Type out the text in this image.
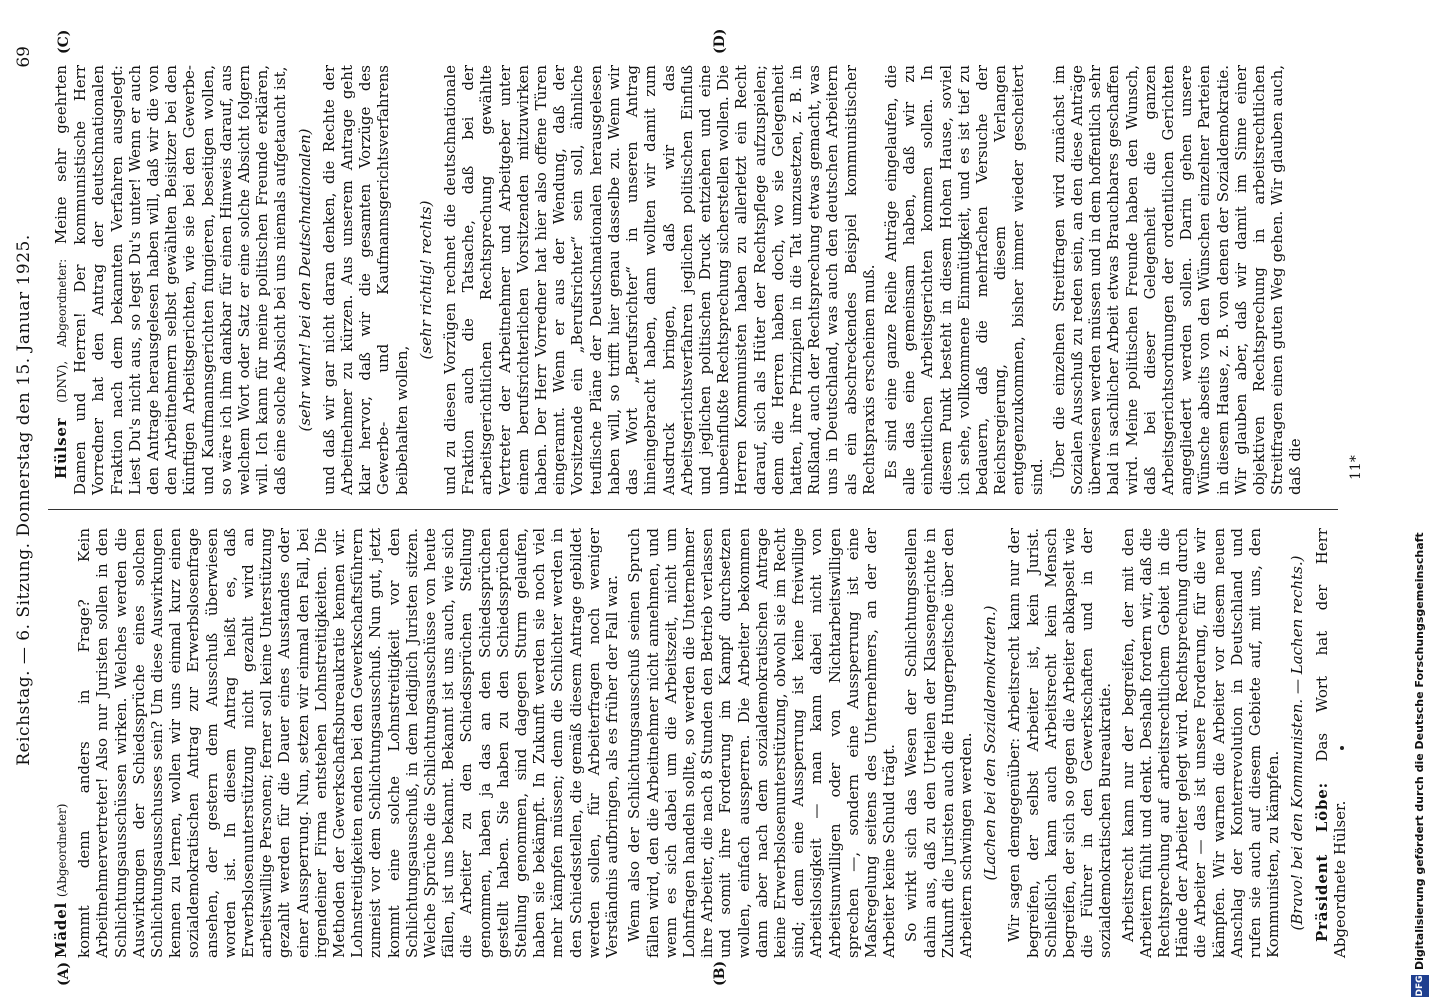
Reichstag. — 6. Sitzung. Donnerstag den 15. Januar 1925.
69
(A)	(B)
(C)	(D)

Mädel (Abgeordneter) kommt denn anders in Frage? Kein Arbeitnehmervertreter! Also nur Juristen sollen in den Schlichtungsausschüssen wirken. Welches werden die Auswirkungen der Schiedssprüche eines solchen Schlichtungsausschusses sein? Um diese Auswirkungen kennen zu lernen, wollen wir uns einmal kurz einen sozialdemokratischen Antrag zur Erwerbslosenfrage ansehen, der gestern dem Ausschuß überwiesen worden ist. In diesem Antrag heißt es, daß Erwerbslosenunterstützung nicht gezahlt wird an arbeitswillige Personen; ferner soll keine Unterstützung gezahlt werden für die Dauer eines Ausstandes oder einer Aussperrung. Nun, setzen wir einmal den Fall, bei irgendeiner Firma entstehen Lohnstreitigkeiten. Die Methoden der Gewerkschaftsbureaukratie kennen wir. Lohnstreitigkeiten enden bei den Gewerkschaftsführern zumeist vor dem Schlichtungsausschuß. Nun gut, jetzt kommt eine solche Lohnstreitigkeit vor den Schlichtungsausschuß, in dem lediglich Juristen sitzen. Welche Sprüche die Schlichtungsausschüsse von heute fällen, ist uns bekannt. Bekannt ist uns auch, wie sich die Arbeiter zu den Schiedssprüchen Stellung genommen, haben ja das an den Schiedssprüchen gestellt haben. Sie haben zu den Schiedssprüchen Stellung genommen, sind dagegen Sturm gelaufen, haben sie bekämpft. In Zukunft werden sie noch viel mehr kämpfen müssen; denn die Schlichter werden in den Schiedsstellen, die gemäß diesem Antrage gebildet werden sollen, für Arbeiterfragen noch weniger Verständnis aufbringen, als es früher der Fall war. Wenn also der Schlichtungsausschuß seinen Spruch fällen wird, den die Arbeitnehmer nicht annehmen, und wenn es sich dabei um die Arbeitszeit, nicht um Lohnfragen handeln sollte, so werden die Unternehmer ihre Arbeiter, die nach 8 Stunden den Betrieb verlassen und somit ihre Forderung im Kampf durchsetzen wollen, einfach aussperren. Die Arbeiter bekommen dann aber nach dem sozialdemokratischen Antrage keine Erwerbslosenunterstützung, obwohl sie im Recht sind; denn eine Aussperrung ist keine freiwillige Arbeitslosigkeit — man kann dabei nicht von Arbeitsunwilligen oder von Nichtarbeitswilligen sprechen —, sondern eine Aussperrung ist eine Maßregelung seitens des Unternehmers, an der der Arbeiter keine Schuld trägt. So wirkt sich das Wesen der Schlichtungsstellen dahin aus, daß zu den Urteilen der Klassengerichte in Zukunft die Juristen auch die Hungerpeitsche über den Arbeitern schwingen werden. (Lachen bei den Sozialdemokraten.) Wir sagen demgegenüber: Arbeitsrecht kann nur der begreifen, der selbst Arbeiter ist, kein Jurist. Schließlich kann auch Arbeitsrecht kein Mensch begreifen, der sich so gegen die Arbeiter abkapselt wie die Führer in den Gewerkschaften und in der sozialdemokratischen Bureaukratie. Arbeitsrecht kann nur der begreifen, der mit den Arbeitern fühlt und denkt. Deshalb fordern wir, daß die Rechtsprechung auf arbeitsrechtlichem Gebiet in die Hände der Arbeiter gelegt wird. Rechtsprechung durch die Arbeiter — das ist unsere Forderung, für die wir kämpfen. Wir warnen die Arbeiter vor diesem neuen Anschlag der Konterrevolution in Deutschland und rufen sie auch auf diesem Gebiete auf, mit uns, den Kommunisten, zu kämpfen. (Bravo! bei den Kommunisten. — Lachen rechts.) Präsident Löbe: Das Wort hat der Herr Abgeordnete Hülser.

Hülser (DNV), Abgeordneter: Meine sehr geehrten Damen und Herren! Der kommunistische Herr Vorredner hat den Antrag der deutschnationalen Fraktion nach dem bekannten Verfahren ausgelegt: Liest Du's nicht aus, so legst Du's unter! Wenn er auch den Antrage herausgelesen haben will, daß wir die von den Arbeitnehmern selbst gewählten Beisitzer bei den künftigen Arbeitsgerichten, wie sie bei den Gewerbe- und Kaufmannsgerichten fungieren, beseitigen wollen, so wäre ich ihm dankbar für einen Hinweis darauf, aus welchem Wort oder Satz er eine solche Absicht folgern will. Ich kann für meine politischen Freunde erklären, daß eine solche Absicht bei uns niemals aufgetaucht ist, (sehr wahr! bei den Deutschnationalen) und daß wir gar nicht daran denken, die Rechte der Arbeitnehmer zu kürzen. Aus unserem Antrage geht klar hervor, daß wir die gesamten Vorzüge des Gewerbe- und Kaufmannsgerichtsverfahrens beibehalten wollen,

(sehr richtig! rechts) und zu diesen Vorzügen rechnet die deutschnationale Fraktion auch die Tatsache, daß bei der arbeitsgerichtlichen Rechtsprechung gewählte Vertreter der Arbeitnehmer und Arbeitgeber unter einem berufsrichterlichen Vorsitzenden mitzuwirken haben. Der Herr Vorredner hat hier also offene Türen eingerannt. Wenn er aus der Wendung, daß der Vorsitzende ein „Berufsrichter“ sein soll, ähnliche teuflische Pläne der Deutschnationalen herausgelesen haben will, so trifft hier genau dasselbe zu. Wenn wir das Wort „Berufsrichter“ in unseren Antrag hineingebracht haben, dann wollten wir damit zum Ausdruck bringen, daß wir das Arbeitsgerichtsverfahren jeglichen politischen Einfluß und jeglichen politischen Druck entziehen und eine unbeeinflußte Rechtsprechung sicherstellen wollen. Die Herren Kommunisten haben zu allerletzt ein Recht darauf, sich als Hüter der Rechtspflege aufzuspielen; denn die Herren haben doch, wo sie Gelegenheit hatten, ihre Prinzipien in die Tat umzusetzen, z. B. in Rußland, auch der Rechtsprechung etwas gemacht, was uns in Deutschland, was auch den deutschen Arbeitern als ein abschreckendes Beispiel kommunistischer Rechtspraxis erscheinen muß. Es sind eine ganze Reihe Anträge eingelaufen, die alle das eine gemeinsam haben, daß wir zu einheitlichen Arbeitsgerichten kommen sollen. In diesem Punkt besteht in diesem Hohen Hause, soviel ich sehe, vollkommene Einmütigkeit, und es ist tief zu bedauern, daß die mehrfachen Versuche der Reichsregierung, diesem Verlangen entgegenzukommen, bisher immer wieder gescheitert sind. Über die einzelnen Streitfragen wird zunächst im Sozialen Ausschuß zu reden sein, an den diese Anträge überwiesen werden müssen und in dem hoffentlich sehr bald in sachlicher Arbeit etwas Brauchbares geschaffen wird. Meine politischen Freunde haben den Wunsch, daß bei dieser Gelegenheit die ganzen Arbeitsgerichtsordnungen der ordentlichen Gerichten angegliedert werden sollen. Darin gehen unsere Wünsche abseits von den Wünschen einzelner Parteien in diesem Hause, z. B. von denen der Sozialdemokratie. Wir glauben aber, daß wir damit im Sinne einer objektiven Rechtsprechung in arbeitsrechtlichen Streitfragen einen guten Weg gehen. Wir glauben auch, daß die	11*
DFG
Digitalisierung gefördert durch die Deutsche Forschungsgemeinschaft
